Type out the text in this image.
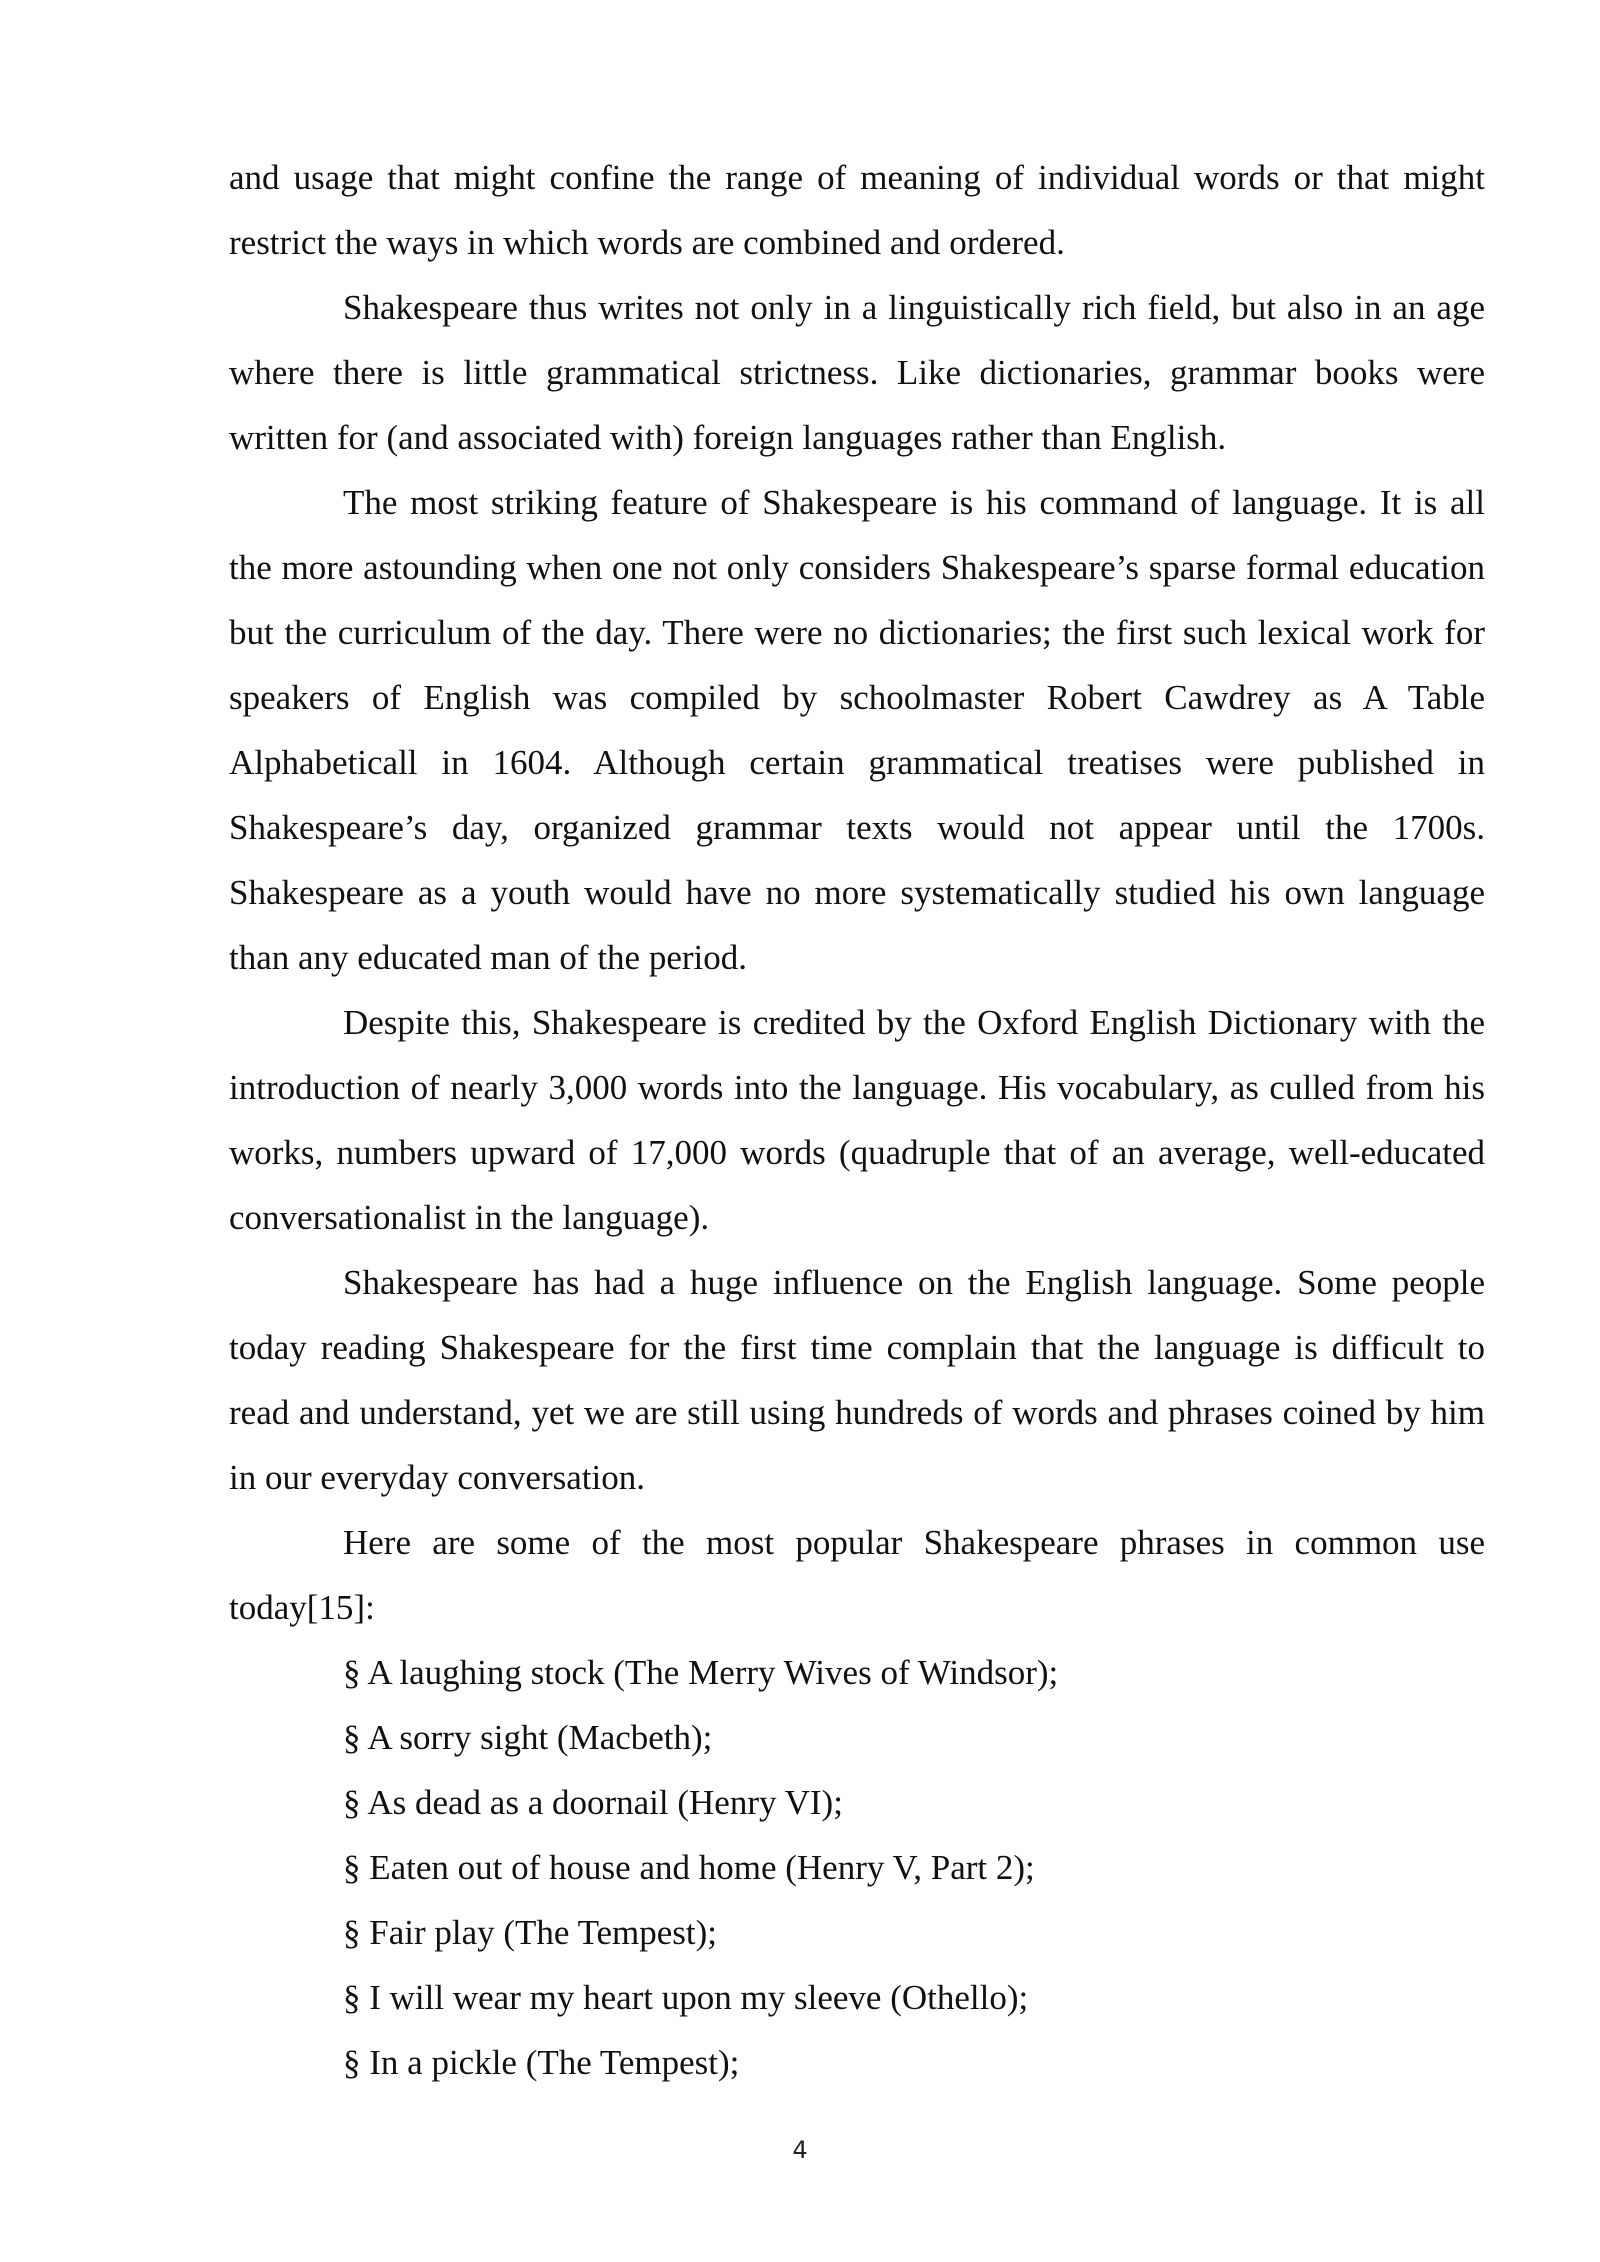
and usage that might confine the range of meaning of individual words or that might restrict the ways in which words are combined and ordered.

Shakespeare thus writes not only in a linguistically rich field, but also in an age where there is little grammatical strictness. Like dictionaries, grammar books were written for (and associated with) foreign languages rather than English.

The most striking feature of Shakespeare is his command of language. It is all the more astounding when one not only considers Shakespeare’s sparse formal education but the curriculum of the day. There were no dictionaries; the first such lexical work for speakers of English was compiled by schoolmaster Robert Cawdrey as A Table Alphabeticall in 1604. Although certain grammatical treatises were published in Shakespeare’s day, organized grammar texts would not appear until the 1700s. Shakespeare as a youth would have no more systematically studied his own language than any educated man of the period.

Despite this, Shakespeare is credited by the Oxford English Dictionary with the introduction of nearly 3,000 words into the language. His vocabulary, as culled from his works, numbers upward of 17,000 words (quadruple that of an average, well-educated conversationalist in the language).

Shakespeare has had a huge influence on the English language. Some people today reading Shakespeare for the first time complain that the language is difficult to read and understand, yet we are still using hundreds of words and phrases coined by him in our everyday conversation.

Here are some of the most popular Shakespeare phrases in common use today[15]:

§ A laughing stock (The Merry Wives of Windsor);
§ A sorry sight (Macbeth);
§ As dead as a doornail (Henry VI);
§ Eaten out of house and home (Henry V, Part 2);
§ Fair play (The Tempest);
§ I will wear my heart upon my sleeve (Othello);
§ In a pickle (The Tempest);
4
